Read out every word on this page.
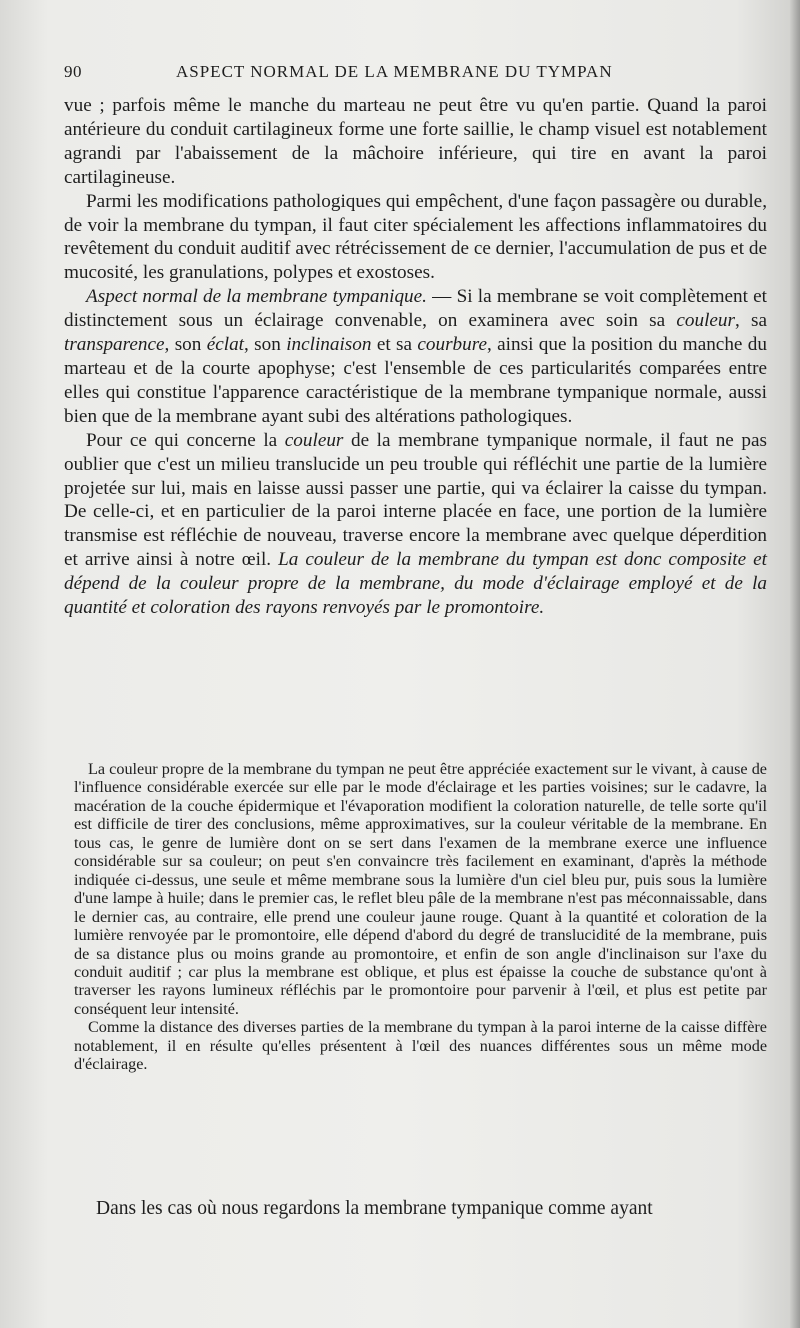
90	ASPECT NORMAL DE LA MEMBRANE DU TYMPAN

vue ; parfois même le manche du marteau ne peut être vu qu'en partie. Quand la paroi antérieure du conduit cartilagineux forme une forte saillie, le champ visuel est notablement agrandi par l'abaissement de la mâchoire inférieure, qui tire en avant la paroi cartilagineuse.

Parmi les modifications pathologiques qui empêchent, d'une façon passagère ou durable, de voir la membrane du tympan, il faut citer spécialement les affections inflammatoires du revêtement du conduit auditif avec rétrécissement de ce dernier, l'accumulation de pus et de mucosité, les granulations, polypes et exostoses.

Aspect normal de la membrane tympanique. — Si la membrane se voit complètement et distinctement sous un éclairage convenable, on examinera avec soin sa couleur, sa transparence, son éclat, son inclinaison et sa courbure, ainsi que la position du manche du marteau et de la courte apophyse; c'est l'ensemble de ces particularités comparées entre elles qui constitue l'apparence caractéristique de la membrane tympanique normale, aussi bien que de la membrane ayant subi des altérations pathologiques.

Pour ce qui concerne la couleur de la membrane tympanique normale, il faut ne pas oublier que c'est un milieu translucide un peu trouble qui réfléchit une partie de la lumière projetée sur lui, mais en laisse aussi passer une partie, qui va éclairer la caisse du tympan. De celle-ci, et en particulier de la paroi interne placée en face, une portion de la lumière transmise est réfléchie de nouveau, traverse encore la membrane avec quelque déperdition et arrive ainsi à notre œil. La couleur de la membrane du tympan est donc composite et dépend de la couleur propre de la membrane, du mode d'éclairage employé et de la quantité et coloration des rayons renvoyés par le promontoire.

La couleur propre de la membrane du tympan ne peut être appréciée exactement sur le vivant, à cause de l'influence considérable exercée sur elle par le mode d'éclairage et les parties voisines; sur le cadavre, la macération de la couche épidermique et l'évaporation modifient la coloration naturelle, de telle sorte qu'il est difficile de tirer des conclusions, même approximatives, sur la couleur véritable de la membrane. En tous cas, le genre de lumière dont on se sert dans l'examen de la membrane exerce une influence considérable sur sa couleur; on peut s'en convaincre très facilement en examinant, d'après la méthode indiquée ci-dessus, une seule et même membrane sous la lumière d'un ciel bleu pur, puis sous la lumière d'une lampe à huile; dans le premier cas, le reflet bleu pâle de la membrane n'est pas méconnaissable, dans le dernier cas, au contraire, elle prend une couleur jaune rouge. Quant à la quantité et coloration de la lumière renvoyée par le promontoire, elle dépend d'abord du degré de translucidité de la membrane, puis de sa distance plus ou moins grande au promontoire, et enfin de son angle d'inclinaison sur l'axe du conduit auditif ; car plus la membrane est oblique, et plus est épaisse la couche de substance qu'ont à traverser les rayons lumineux réfléchis par le promontoire pour parvenir à l'œil, et plus est petite par conséquent leur intensité.

Comme la distance des diverses parties de la membrane du tympan à la paroi interne de la caisse diffère notablement, il en résulte qu'elles présentent à l'œil des nuances différentes sous un même mode d'éclairage.

Dans les cas où nous regardons la membrane tympanique comme ayant
